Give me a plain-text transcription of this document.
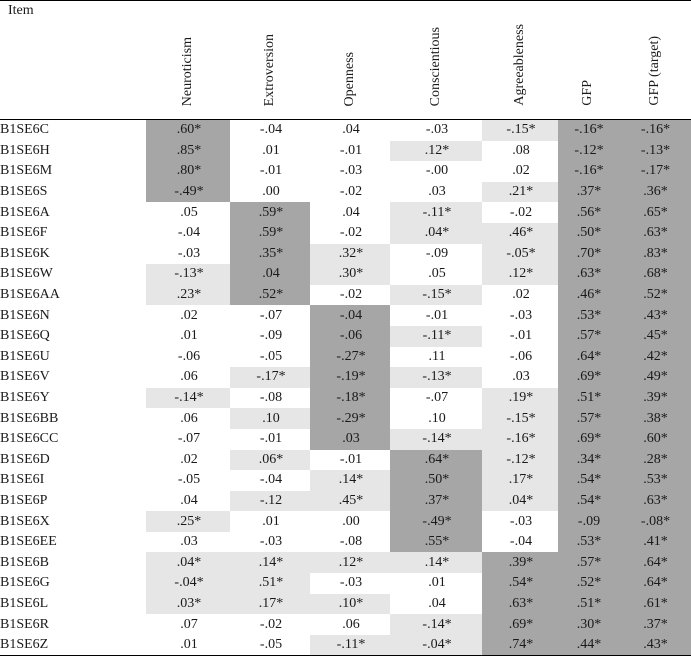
Item	Neuroticism	Extroversion	Openness	Conscientious	Agreeableness	GFP	GFP (target)
B1SE6C	.60*	-.04	.04	-.03	-.15*	-.16*	-.16*
B1SE6H	.85*	.01	-.01	.12*	.08	-.12*	-.13*
B1SE6M	.80*	-.01	-.03	-.00	.02	-.16*	-.17*
B1SE6S	-.49*	.00	-.02	.03	.21*	.37*	.36*
B1SE6A	.05	.59*	.04	-.11*	-.02	.56*	.65*
B1SE6F	-.04	.59*	-.02	.04*	.46*	.50*	.63*
B1SE6K	-.03	.35*	.32*	-.09	-.05*	.70*	.83*
B1SE6W	-.13*	.04	.30*	.05	.12*	.63*	.68*
B1SE6AA	.23*	.52*	-.02	-.15*	.02	.46*	.52*
B1SE6N	.02	-.07	-.04	-.01	-.03	.53*	.43*
B1SE6Q	.01	-.09	-.06	-.11*	-.01	.57*	.45*
B1SE6U	-.06	-.05	-.27*	.11	-.06	.64*	.42*
B1SE6V	.06	-.17*	-.19*	-.13*	.03	.69*	.49*
B1SE6Y	-.14*	-.08	-.18*	-.07	.19*	.51*	.39*
B1SE6BB	.06	.10	-.29*	.10	-.15*	.57*	.38*
B1SE6CC	-.07	-.01	.03	-.14*	-.16*	.69*	.60*
B1SE6D	.02	.06*	-.01	.64*	-.12*	.34*	.28*
B1SE6I	-.05	-.04	.14*	.50*	.17*	.54*	.53*
B1SE6P	.04	-.12	.45*	.37*	.04*	.54*	.63*
B1SE6X	.25*	.01	.00	-.49*	-.03	-.09	-.08*
B1SE6EE	.03	-.03	-.08	.55*	-.04	.53*	.41*
B1SE6B	.04*	.14*	.12*	.14*	.39*	.57*	.64*
B1SE6G	-.04*	.51*	-.03	.01	.54*	.52*	.64*
B1SE6L	.03*	.17*	.10*	.04	.63*	.51*	.61*
B1SE6R	.07	-.02	.06	-.14*	.69*	.30*	.37*
B1SE6Z	.01	-.05	-.11*	-.04*	.74*	.44*	.43*
